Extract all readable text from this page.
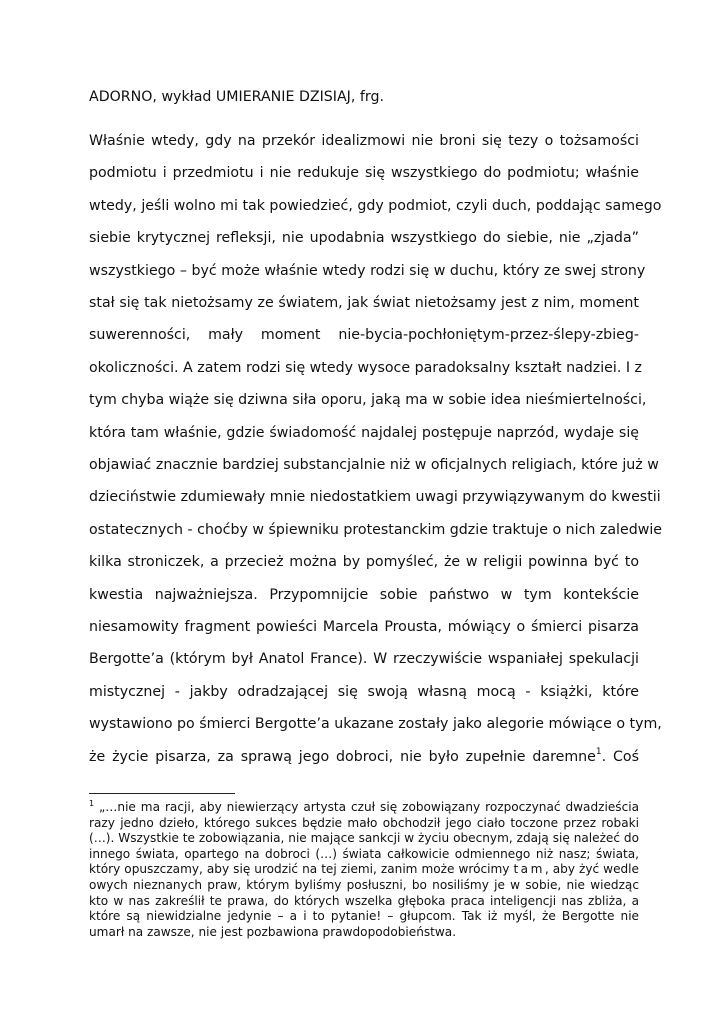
ADORNO, wykład UMIERANIE DZISIAJ, frg.
Właśnie wtedy, gdy na przekór idealizmowi nie broni się tezy o tożsamości
podmiotu i przedmiotu i nie redukuje się wszystkiego do podmiotu; właśnie
wtedy, jeśli wolno mi tak powiedzieć, gdy podmiot, czyli duch, poddając samego
siebie krytycznej refleksji, nie upodabnia wszystkiego do siebie, nie „zjada”
wszystkiego – być może właśnie wtedy rodzi się w duchu, który ze swej strony
stał się tak nietożsamy ze światem, jak świat nietożsamy jest z nim, moment
suwerenności, mały moment nie-bycia-pochłoniętym-przez-ślepy-zbieg-
okoliczności. A zatem rodzi się wtedy wysoce paradoksalny kształt nadziei. I z
tym chyba wiąże się dziwna siła oporu, jaką ma w sobie idea nieśmiertelności,
która tam właśnie, gdzie świadomość najdalej postępuje naprzód, wydaje się
objawiać znacznie bardziej substancjalnie niż w oficjalnych religiach, które już w
dzieciństwie zdumiewały mnie niedostatkiem uwagi przywiązywanym do kwestii
ostatecznych - choćby w śpiewniku protestanckim gdzie traktuje o nich zaledwie
kilka stroniczek, a przecież można by pomyśleć, że w religii powinna być to
kwestia najważniejsza. Przypomnijcie sobie państwo w tym kontekście
niesamowity fragment powieści Marcela Prousta, mówiący o śmierci pisarza
Bergotte’a (którym był Anatol France). W rzeczywiście wspaniałej spekulacji
mistycznej - jakby odradzającej się swoją własną mocą - książki, które
wystawiono po śmierci Bergotte’a ukazane zostały jako alegorie mówiące o tym,
że życie pisarza, za sprawą jego dobroci, nie było zupełnie daremne$^1$. Coś
$^1$ „…nie ma racji, aby niewierzący artysta czuł się zobowiązany rozpoczynać dwadzieścia razy jedno dzieło, którego sukces będzie mało obchodził jego ciało toczone przez robaki (…). Wszystkie te zobowiązania, nie mające sankcji w życiu obecnym, zdają się należeć do innego świata, opartego na dobroci (…) świata całkowicie odmiennego niż nasz; świata, który opuszczamy, aby się urodzić na tej ziemi, zanim może wrócimy tam, aby żyć wedle owych nieznanych praw, którym byliśmy posłuszni, bo nosiliśmy je w sobie, nie wiedząc kto w nas zakreślił te prawa, do których wszelka głęboka praca inteligencji nas zbliża, a które są niewidzialne jedynie – a i to pytanie! – głupcom. Tak iż myśl, że Bergotte nie umarł na zawsze, nie jest pozbawiona prawdopodobieństwa.
